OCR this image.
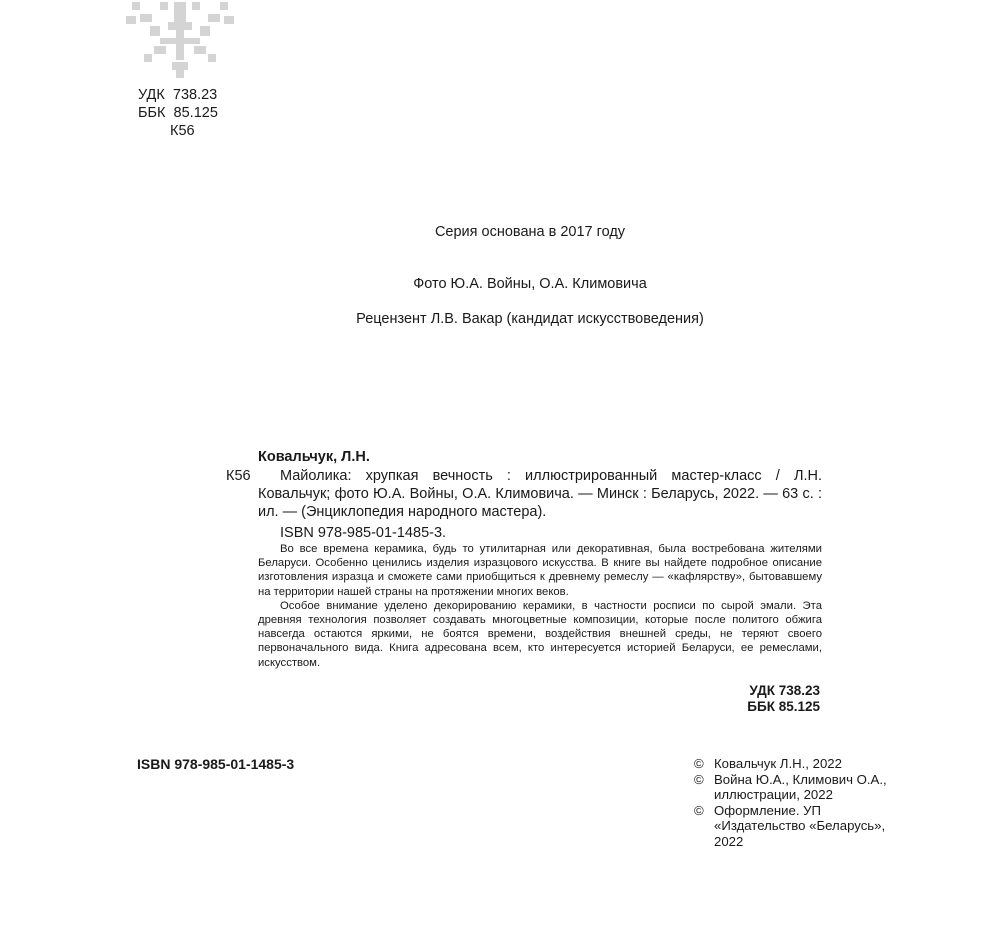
УДК  738.23
ББК  85.125
К56
Серия основана в 2017 году
Фото Ю.А. Войны, О.А. Климовича
Рецензент Л.В. Вакар (кандидат искусствоведения)
Ковальчук, Л.Н.
К56	Майолика: хрупкая вечность : иллюстрированный мастер-класс / Л.Н. Ковальчук; фото Ю.А. Войны, О.А. Климовича. — Минск : Беларусь, 2022. — 63 с. : ил. — (Энциклопедия народного мастера).
ISBN 978-985-01-1485-3.

Во все времена керамика, будь то утилитарная или декоративная, была востребована жителями Беларуси. Особенно ценились изделия изразцового искусства. В книге вы найдете подробное описание изготовления изразца и сможете сами приобщиться к древнему ремеслу — «кафлярству», бытовавшему на территории нашей страны на протяжении многих веков.

Особое внимание уделено декорированию керамики, в частности росписи по сырой эмали. Эта древняя технология позволяет создавать многоцветные композиции, которые после политого обжига навсегда остаются яркими, не боятся времени, воздействия внешней среды, не теряют своего первоначального вида. Книга адресована всем, кто интересуется историей Беларуси, ее ремеслами, искусством.

УДК 738.23
ББК 85.125
ISBN 978-985-01-1485-3	© Ковальчук Л.Н., 2022
© Война Ю.А., Климович О.А., иллюстрации, 2022
© Оформление. УП «Издательство «Беларусь», 2022
